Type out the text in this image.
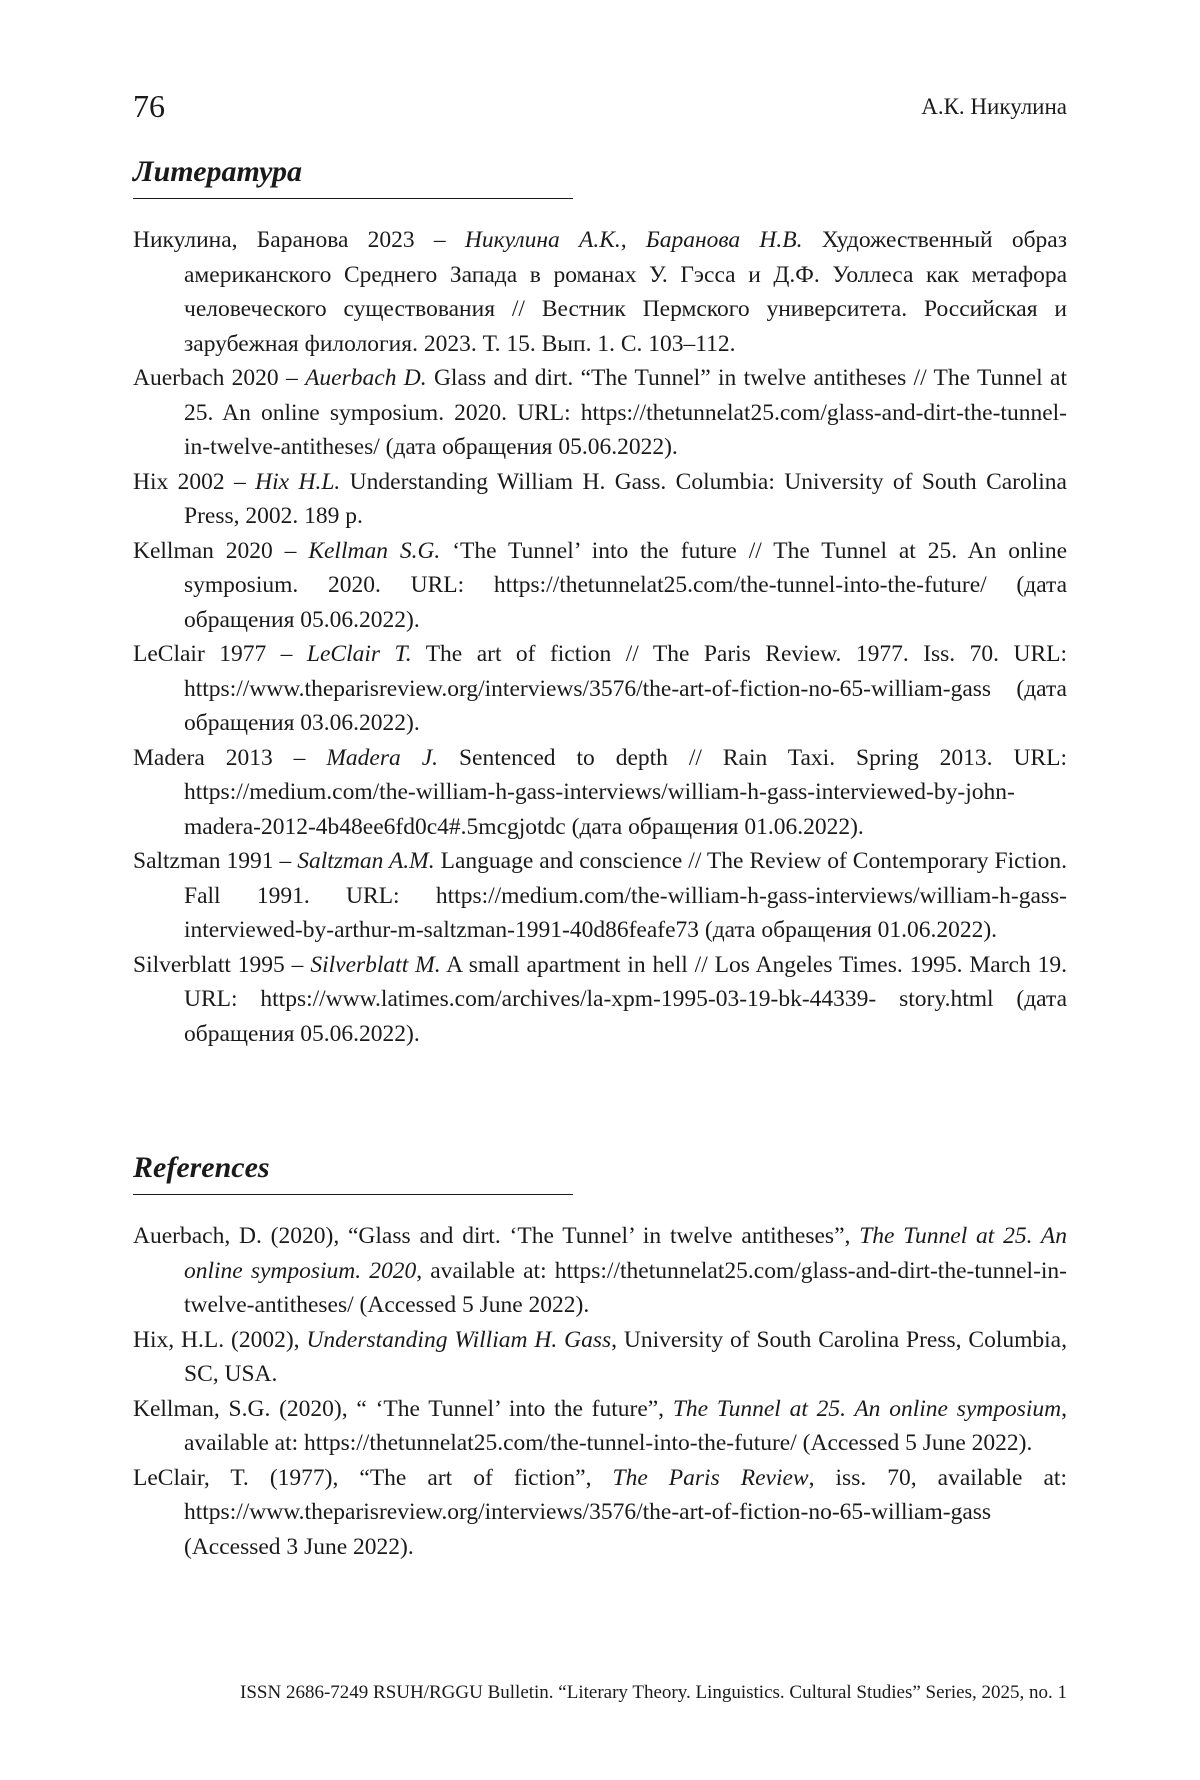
76	А.К. Никулина
Литература

Никулина, Баранова 2023 – Никулина А.К., Баранова Н.В. Художественный образ американского Среднего Запада в романах У. Гэсса и Д.Ф. Уоллеса как метафора человеческого существования // Вестник Пермского университета. Российская и зарубежная филология. 2023. Т. 15. Вып. 1. С. 103–112.

Auerbach 2020 – Auerbach D. Glass and dirt. “The Tunnel” in twelve antitheses // The Tunnel at 25. An online symposium. 2020. URL: https://thetunnelat25.com/glass-and-dirt-the-tunnel-in-twelve-antitheses/ (дата обращения 05.06.2022).

Hix 2002 – Hix H.L. Understanding William H. Gass. Columbia: University of South Carolina Press, 2002. 189 p.

Kellman 2020 – Kellman S.G. ‘The Tunnel’ into the future // The Tunnel at 25. An online symposium. 2020. URL: https://thetunnelat25.com/the-tunnel-into-the-future/ (дата обращения 05.06.2022).

LeClair 1977 – LeClair T. The art of fiction // The Paris Review. 1977. Iss. 70. URL: https://www.theparisreview.org/interviews/3576/the-art-of-fiction-no-65-william-gass (дата обращения 03.06.2022).

Madera 2013 – Madera J. Sentenced to depth // Rain Taxi. Spring 2013. URL: https://medium.com/the-william-h-gass-interviews/william-h-gass-interviewed-by-john-madera-2012-4b48ee6fd0c4#.5mcgjotdc (дата обращения 01.06.2022).

Saltzman 1991 – Saltzman A.M. Language and conscience // The Review of Contemporary Fiction. Fall 1991. URL: https://medium.com/the-william-h-gass-interviews/william-h-gass-interviewed-by-arthur-m-saltzman-1991-40d86feafe73 (дата обращения 01.06.2022).

Silverblatt 1995 – Silverblatt M. A small apartment in hell // Los Angeles Times. 1995. March 19. URL: https://www.latimes.com/archives/la-xpm-1995-03-19-bk-44339- story.html (дата обращения 05.06.2022).

References

Auerbach, D. (2020), “Glass and dirt. ‘The Tunnel’ in twelve antitheses”, The Tunnel at 25. An online symposium. 2020, available at: https://thetunnelat25.com/glass-and-dirt-the-tunnel-in-twelve-antitheses/ (Accessed 5 June 2022).

Hix, H.L. (2002), Understanding William H. Gass, University of South Carolina Press, Columbia, SC, USA.

Kellman, S.G. (2020), “ ‘The Tunnel’ into the future”, The Tunnel at 25. An online symposium, available at: https://thetunnelat25.com/the-tunnel-into-the-future/ (Accessed 5 June 2022).

LeClair, T. (1977), “The art of fiction”, The Paris Review, iss. 70, available at: https://www.theparisreview.org/interviews/3576/the-art-of-fiction-no-65-william-gass (Accessed 3 June 2022).

ISSN 2686-7249 RSUH/RGGU Bulletin. “Literary Theory. Linguistics. Cultural Studies” Series, 2025, no. 1
